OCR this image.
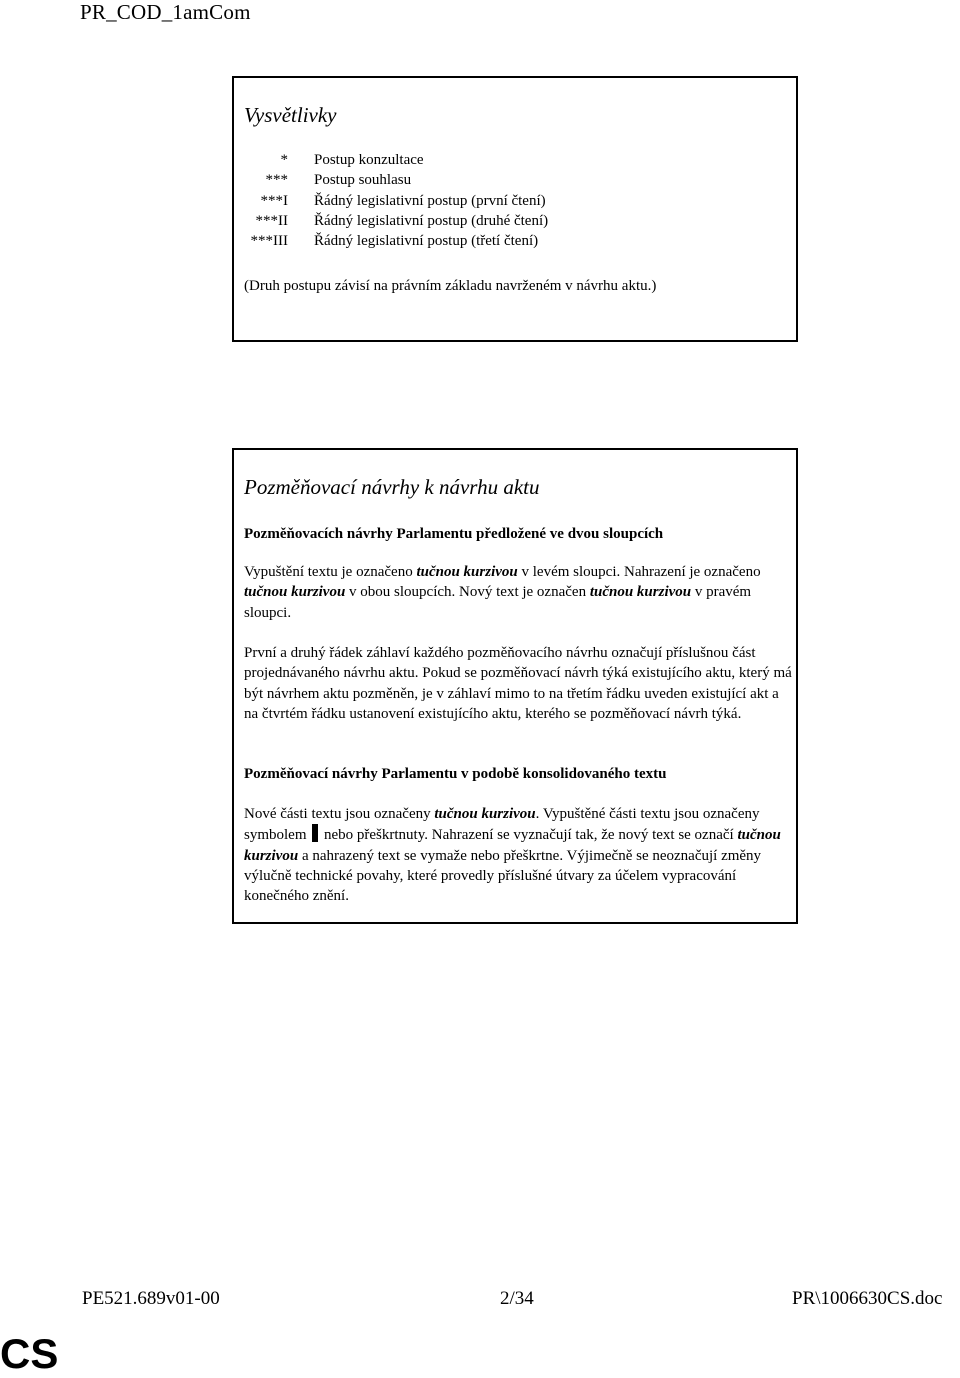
PR_COD_1amCom
Vysvětlivky
* Postup konzultace
*** Postup souhlasu
***I Řádný legislativní postup (první čtení)
***II Řádný legislativní postup (druhé čtení)
***III Řádný legislativní postup (třetí čtení)
(Druh postupu závisí na právním základu navrženém v návrhu aktu.)
Pozměňovací návrhy k návrhu aktu
Pozměňovacích návrhy Parlamentu předložené ve dvou sloupcích
Vypuštění textu je označeno tučnou kurzivou v levém sloupci. Nahrazení je označeno tučnou kurzivou v obou sloupcích. Nový text je označen tučnou kurzivou v pravém sloupci.
První a druhý řádek záhlaví každého pozměňovacího návrhu označují příslušnou část projednávaného návrhu aktu. Pokud se pozměňovací návrh týká existujícího aktu, který má být návrhem aktu pozměněn, je v záhlaví mimo to na třetím řádku uveden existující akt a na čtvrtém řádku ustanovení existujícího aktu, kterého se pozměňovací návrh týká.
Pozměňovací návrhy Parlamentu v podobě konsolidovaného textu
Nové části textu jsou označeny tučnou kurzivou. Vypuštěné části textu jsou označeny symbolem  nebo přeškrtnuty. Nahrazení se vyznačují tak, že nový text se označí tučnou kurzivou a nahrazený text se vymaže nebo přeškrtne. Výjimečně se neoznačují změny výlučně technické povahy, které provedly příslušné útvary za účelem vypracování konečného znění.
PE521.689v01-00	2/34	PR\1006630CS.doc
CS
